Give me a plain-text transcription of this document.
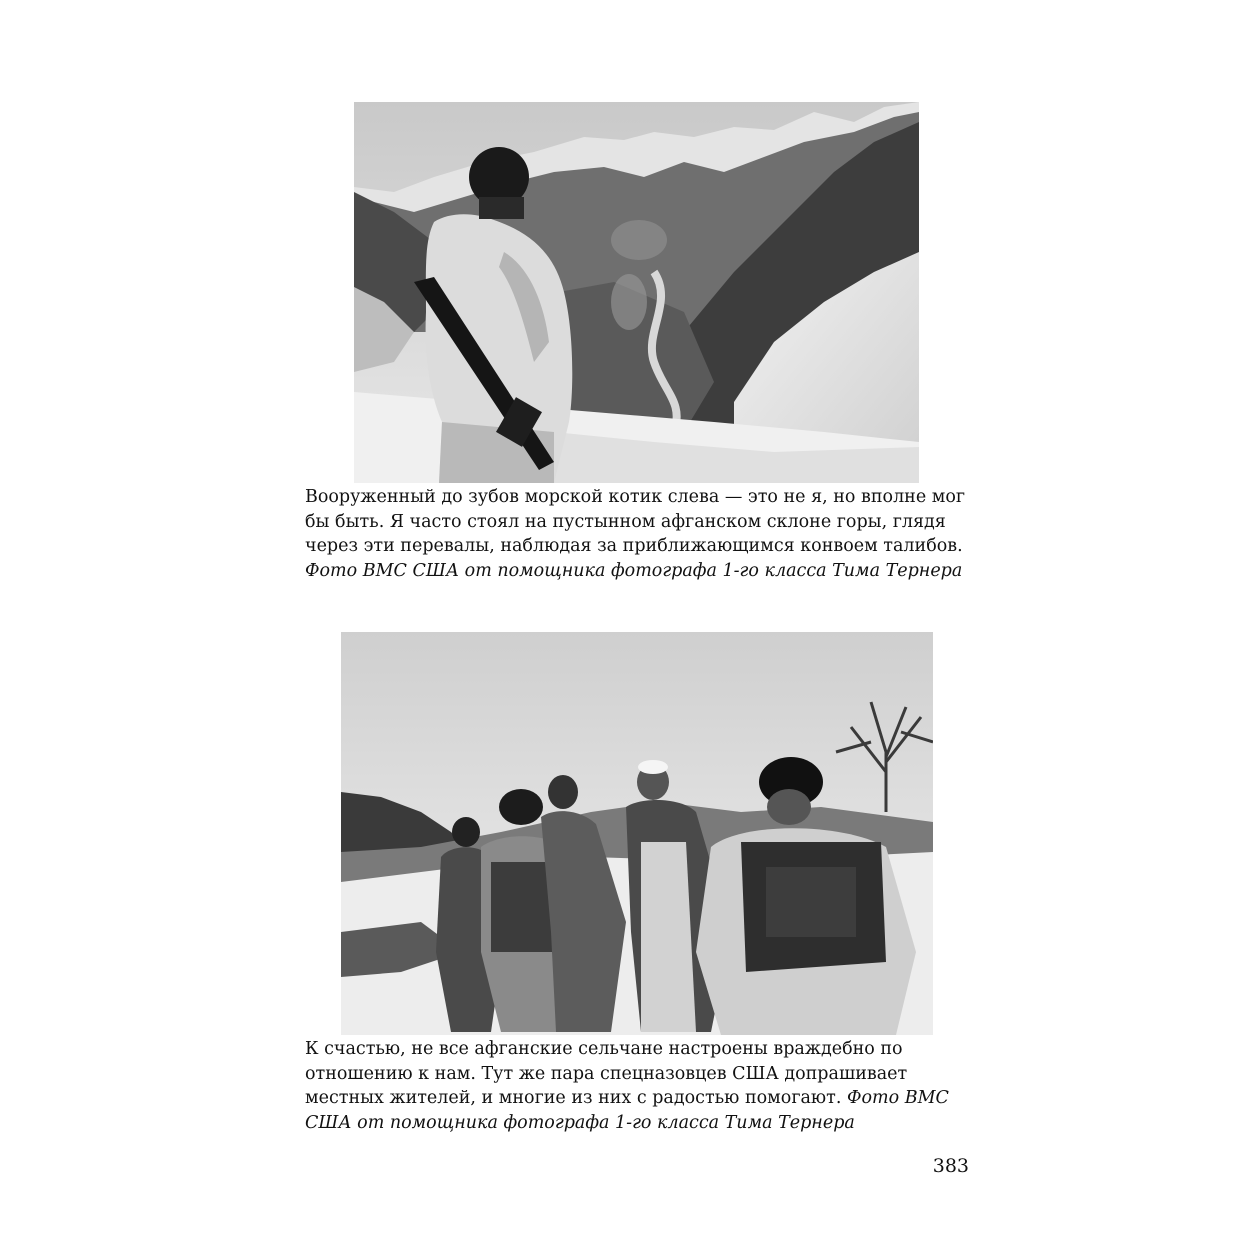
Вооруженный до зубов морской котик слева — это не я, но вполне мог бы быть. Я часто стоял на пустынном афганском склоне горы, глядя через эти перевалы, наблюдая за приближающимся конвоем талибов. Фото ВМС США от помощника фотографа 1-го класса Тима Тернера

К счастью, не все афганские сельчане настроены враждебно по отношению к нам. Тут же пара спецназовцев США допрашивает местных жителей, и многие из них с радостью помогают. Фото ВМС США от помощника фотографа 1-го класса Тима Тернера

383
